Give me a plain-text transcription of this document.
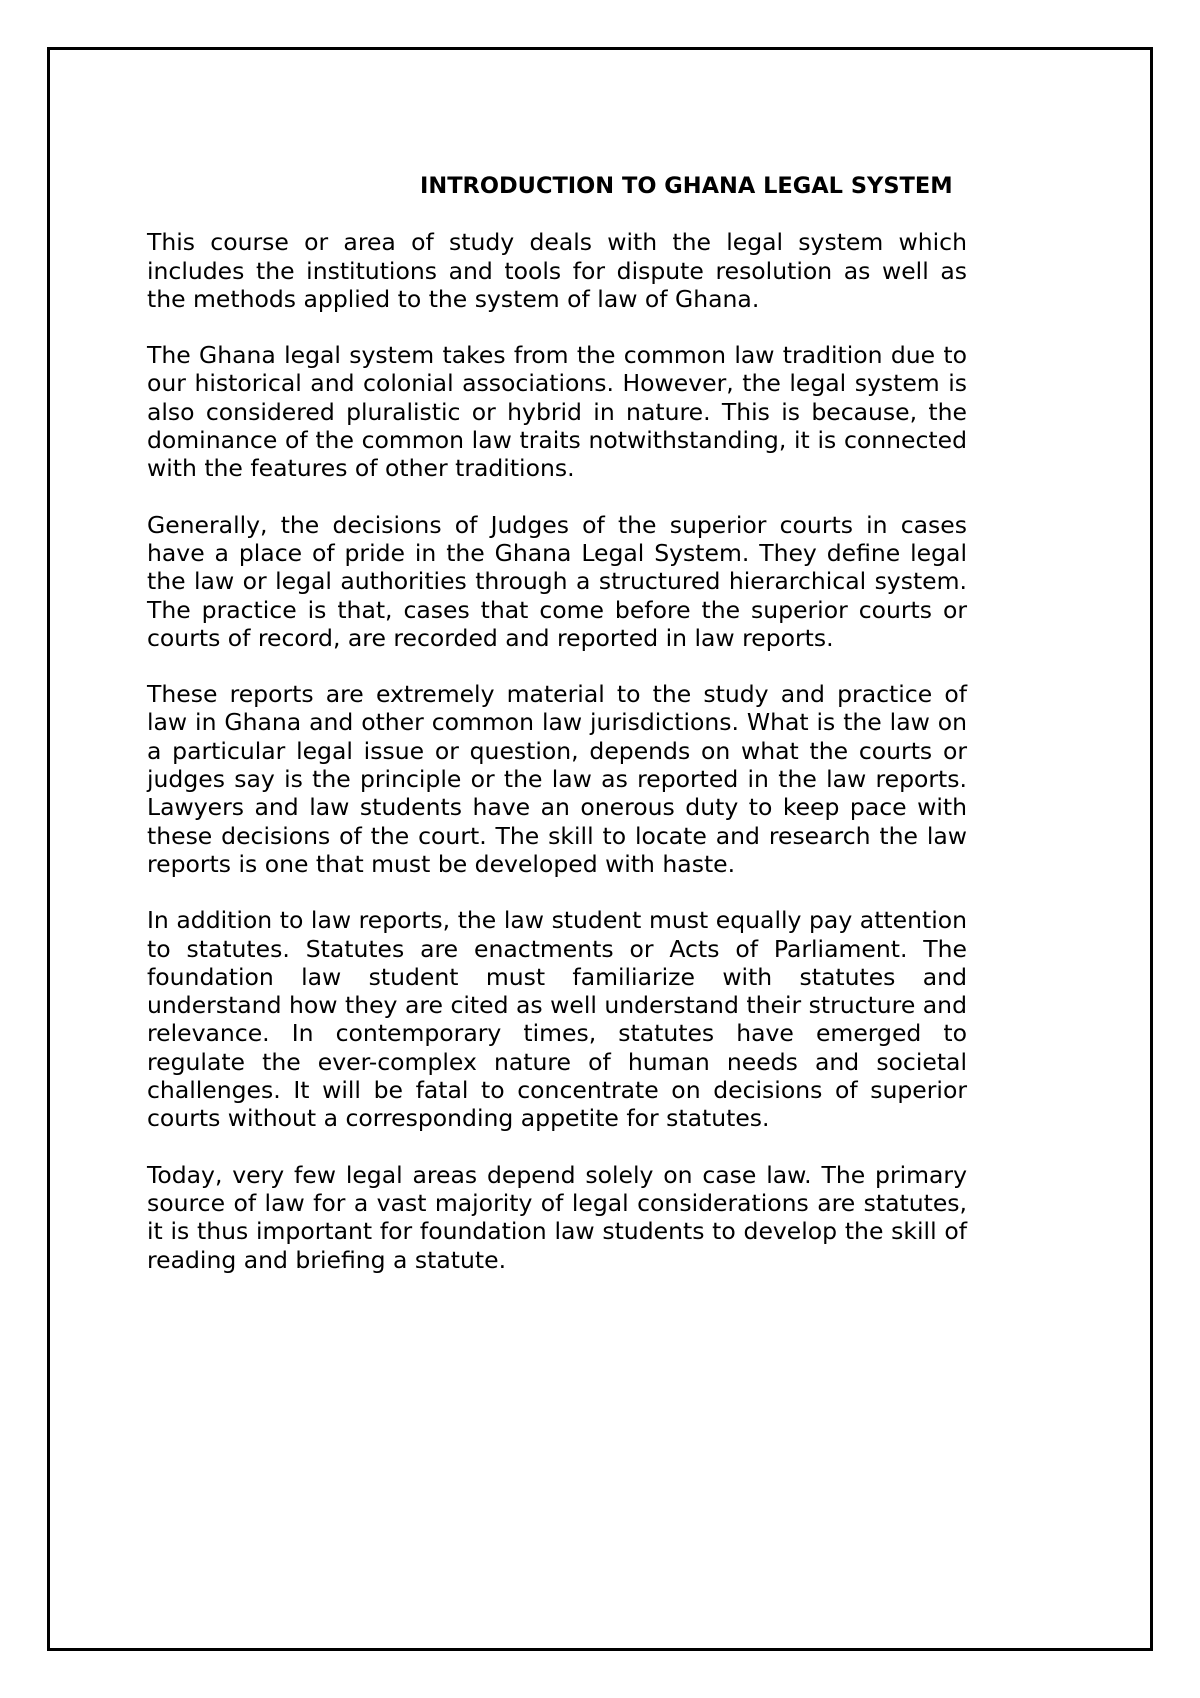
INTRODUCTION TO GHANA LEGAL SYSTEM

This course or area of study deals with the legal system which includes the institutions and tools for dispute resolution as well as the methods applied to the system of law of Ghana.

The Ghana legal system takes from the common law tradition due to our historical and colonial associations. However, the legal system is also considered pluralistic or hybrid in nature. This is because, the dominance of the common law traits notwithstanding, it is connected with the features of other traditions.

Generally, the decisions of Judges of the superior courts in cases have a place of pride in the Ghana Legal System. They define legal the law or legal authorities through a structured hierarchical system. The practice is that, cases that come before the superior courts or courts of record, are recorded and reported in law reports.

These reports are extremely material to the study and practice of law in Ghana and other common law jurisdictions. What is the law on a particular legal issue or question, depends on what the courts or judges say is the principle or the law as reported in the law reports. Lawyers and law students have an onerous duty to keep pace with these decisions of the court. The skill to locate and research the law reports is one that must be developed with haste.

In addition to law reports, the law student must equally pay attention to statutes. Statutes are enactments or Acts of Parliament. The foundation law student must familiarize with statutes and understand how they are cited as well understand their structure and relevance. In contemporary times, statutes have emerged to regulate the ever-complex nature of human needs and societal challenges. It will be fatal to concentrate on decisions of superior courts without a corresponding appetite for statutes.

Today, very few legal areas depend solely on case law. The primary source of law for a vast majority of legal considerations are statutes, it is thus important for foundation law students to develop the skill of reading and briefing a statute.
